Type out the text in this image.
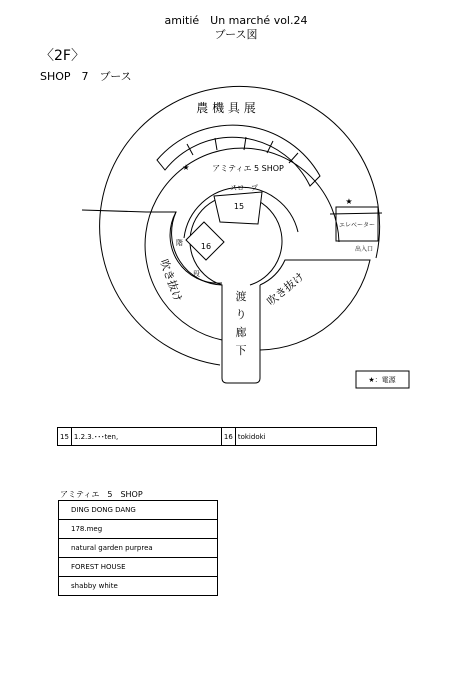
amitié　Un marché vol.24
ブース図
〈2F〉
SHOP　7　ブース
農 機 具 展
アミティエ 5 SHOP
スロープ
15
16
階
段
吹き抜け	吹き抜け
渡
り
廊
下
エレベーター
出入口
★
★
★：電源
15	1.2.3.･･･ten,	16	tokidoki
アミティエ　5　SHOP
DING DONG DANG
178.meg
natural garden purprea
FOREST HOUSE
shabby white
